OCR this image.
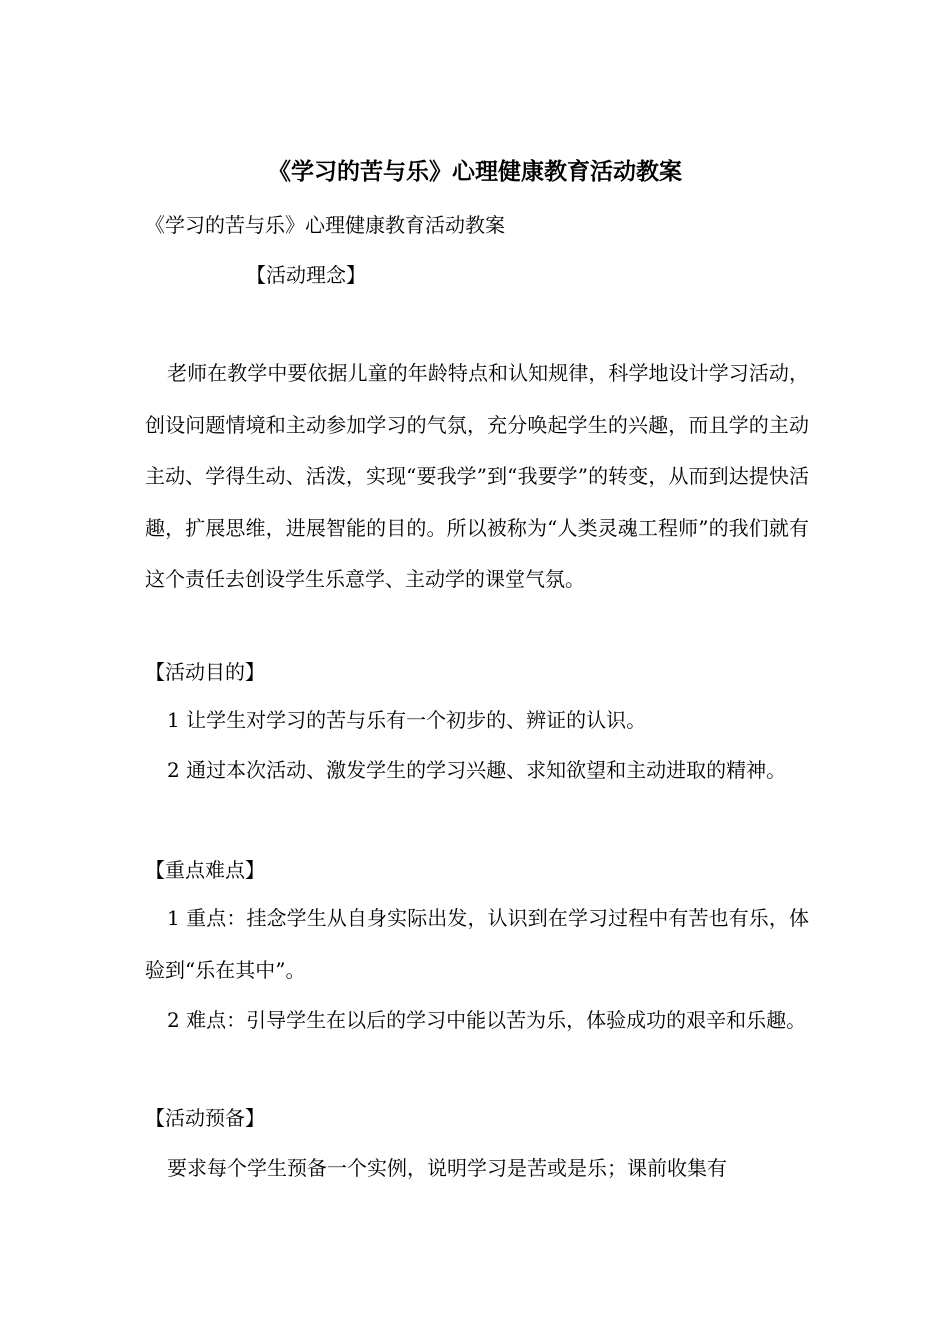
《学习的苦与乐》心理健康教育活动教案

《学习的苦与乐》心理健康教育活动教案

【活动理念】

老师在教学中要依据儿童的年龄特点和认知规律，科学地设计学习活动，创设问题情境和主动参加学习的气氛，充分唤起学生的兴趣，而且学的主动主动、学得生动、活泼，实现“要我学”到“我要学”的转变，从而到达提快活趣，扩展思维，进展智能的目的。所以被称为“人类灵魂工程师”的我们就有这个责任去创设学生乐意学、主动学的课堂气氛。

【活动目的】

1 让学生对学习的苦与乐有一个初步的、辨证的认识。

2 通过本次活动、激发学生的学习兴趣、求知欲望和主动进取的精神。

【重点难点】

1 重点：挂念学生从自身实际出发，认识到在学习过程中有苦也有乐，体验到“乐在其中”。

2 难点：引导学生在以后的学习中能以苦为乐，体验成功的艰辛和乐趣。

【活动预备】

要求每个学生预备一个实例，说明学习是苦或是乐；课前收集有
